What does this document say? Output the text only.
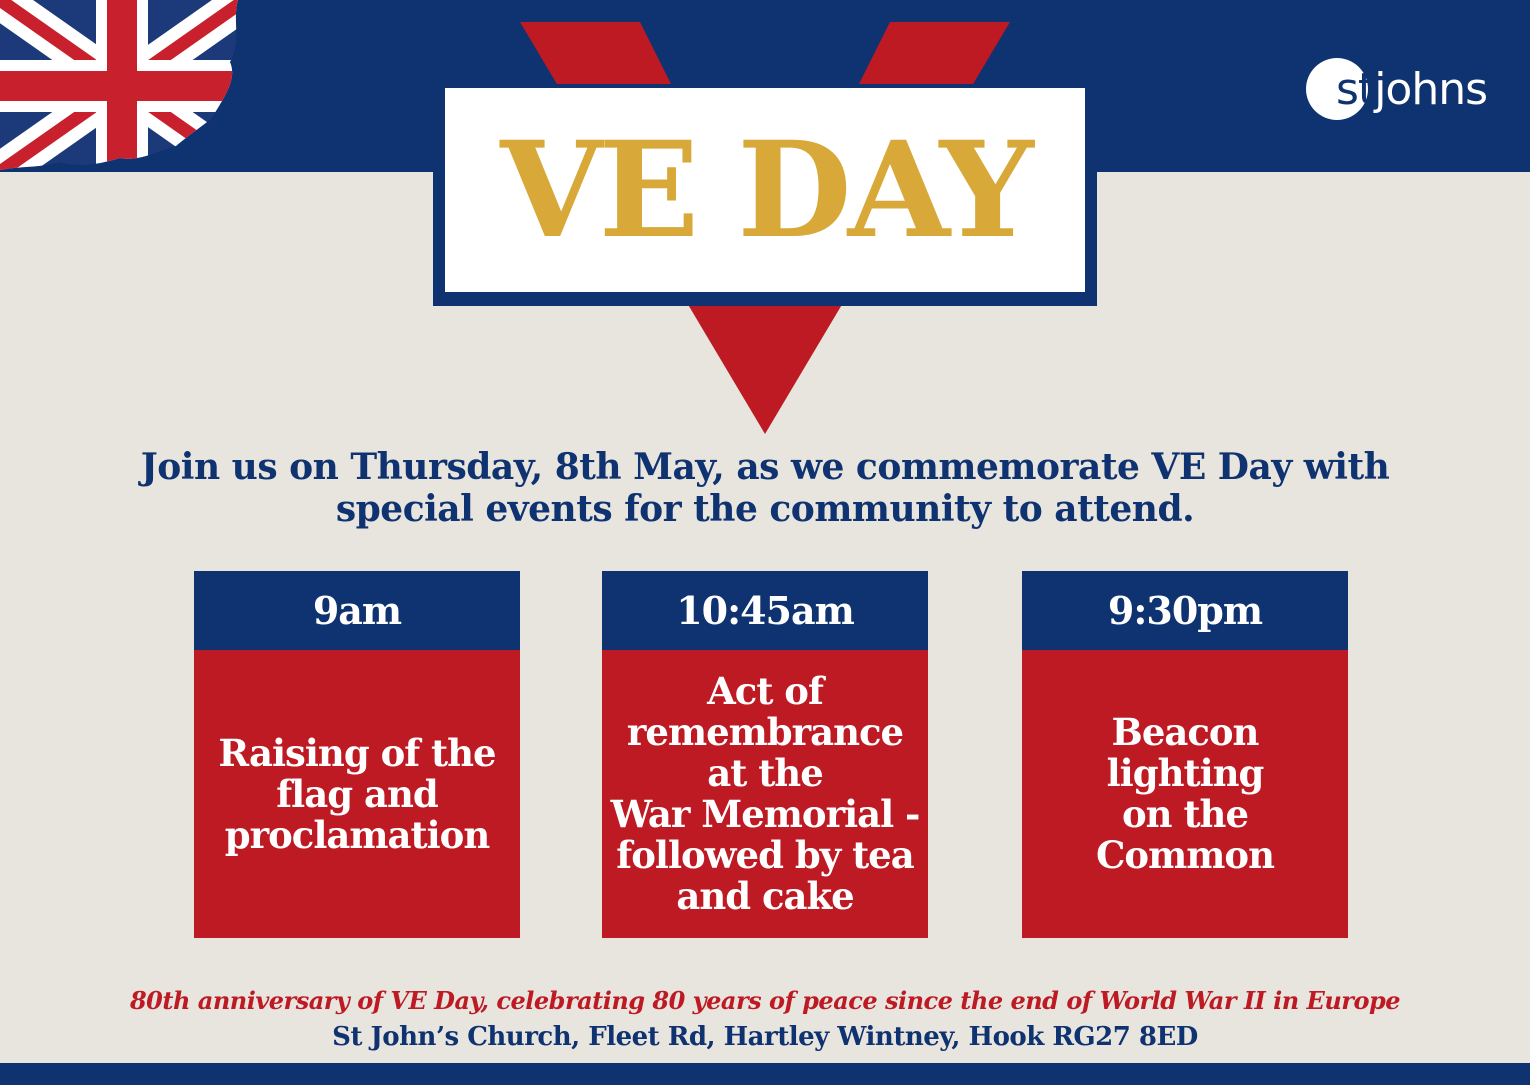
stjohns
VE DAY
Join us on Thursday, 8th May, as we commemorate VE Day with special events for the community to attend.
9am
Raising of the
flag and
proclamation
10:45am
Act of
remembrance
at the
War Memorial -
followed by tea
and cake
9:30pm
Beacon
lighting
on the Common
80th anniversary of VE Day, celebrating 80 years of peace since the end of World War II in Europe
St John’s Church, Fleet Rd, Hartley Wintney, Hook RG27 8ED
